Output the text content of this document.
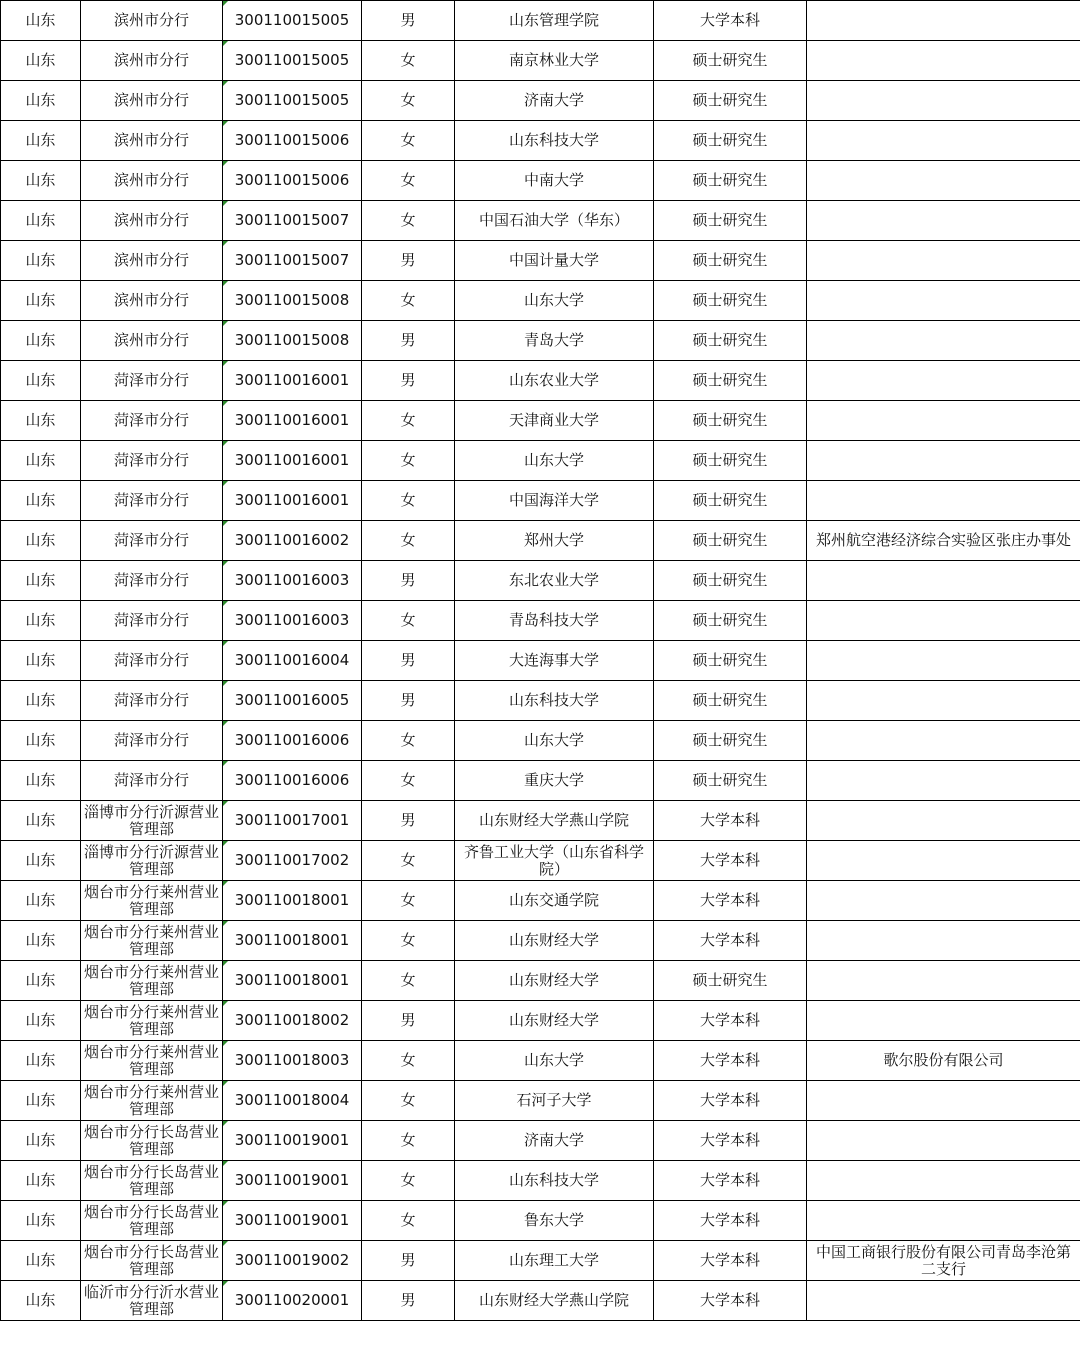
山东	滨州市分行	300110015005	男	山东管理学院	大学本科	
山东	滨州市分行	300110015005	女	南京林业大学	硕士研究生	
山东	滨州市分行	300110015005	女	济南大学	硕士研究生	
山东	滨州市分行	300110015006	女	山东科技大学	硕士研究生	
山东	滨州市分行	300110015006	女	中南大学	硕士研究生	
山东	滨州市分行	300110015007	女	中国石油大学（华东）	硕士研究生	
山东	滨州市分行	300110015007	男	中国计量大学	硕士研究生	
山东	滨州市分行	300110015008	女	山东大学	硕士研究生	
山东	滨州市分行	300110015008	男	青岛大学	硕士研究生	
山东	菏泽市分行	300110016001	男	山东农业大学	硕士研究生	
山东	菏泽市分行	300110016001	女	天津商业大学	硕士研究生	
山东	菏泽市分行	300110016001	女	山东大学	硕士研究生	
山东	菏泽市分行	300110016001	女	中国海洋大学	硕士研究生	
山东	菏泽市分行	300110016002	女	郑州大学	硕士研究生	郑州航空港经济综合实验区张庄办事处
山东	菏泽市分行	300110016003	男	东北农业大学	硕士研究生	
山东	菏泽市分行	300110016003	女	青岛科技大学	硕士研究生	
山东	菏泽市分行	300110016004	男	大连海事大学	硕士研究生	
山东	菏泽市分行	300110016005	男	山东科技大学	硕士研究生	
山东	菏泽市分行	300110016006	女	山东大学	硕士研究生	
山东	菏泽市分行	300110016006	女	重庆大学	硕士研究生	
山东	淄博市分行沂源营业管理部	300110017001	男	山东财经大学燕山学院	大学本科	
山东	淄博市分行沂源营业管理部	300110017002	女	齐鲁工业大学（山东省科学院）	大学本科	
山东	烟台市分行莱州营业管理部	300110018001	女	山东交通学院	大学本科	
山东	烟台市分行莱州营业管理部	300110018001	女	山东财经大学	大学本科	
山东	烟台市分行莱州营业管理部	300110018001	女	山东财经大学	硕士研究生	
山东	烟台市分行莱州营业管理部	300110018002	男	山东财经大学	大学本科	
山东	烟台市分行莱州营业管理部	300110018003	女	山东大学	大学本科	歌尔股份有限公司
山东	烟台市分行莱州营业管理部	300110018004	女	石河子大学	大学本科	
山东	烟台市分行长岛营业管理部	300110019001	女	济南大学	大学本科	
山东	烟台市分行长岛营业管理部	300110019001	女	山东科技大学	大学本科	
山东	烟台市分行长岛营业管理部	300110019001	女	鲁东大学	大学本科	
山东	烟台市分行长岛营业管理部	300110019002	男	山东理工大学	大学本科	中国工商银行股份有限公司青岛李沧第二支行
山东	临沂市分行沂水营业管理部	300110020001	男	山东财经大学燕山学院	大学本科	
